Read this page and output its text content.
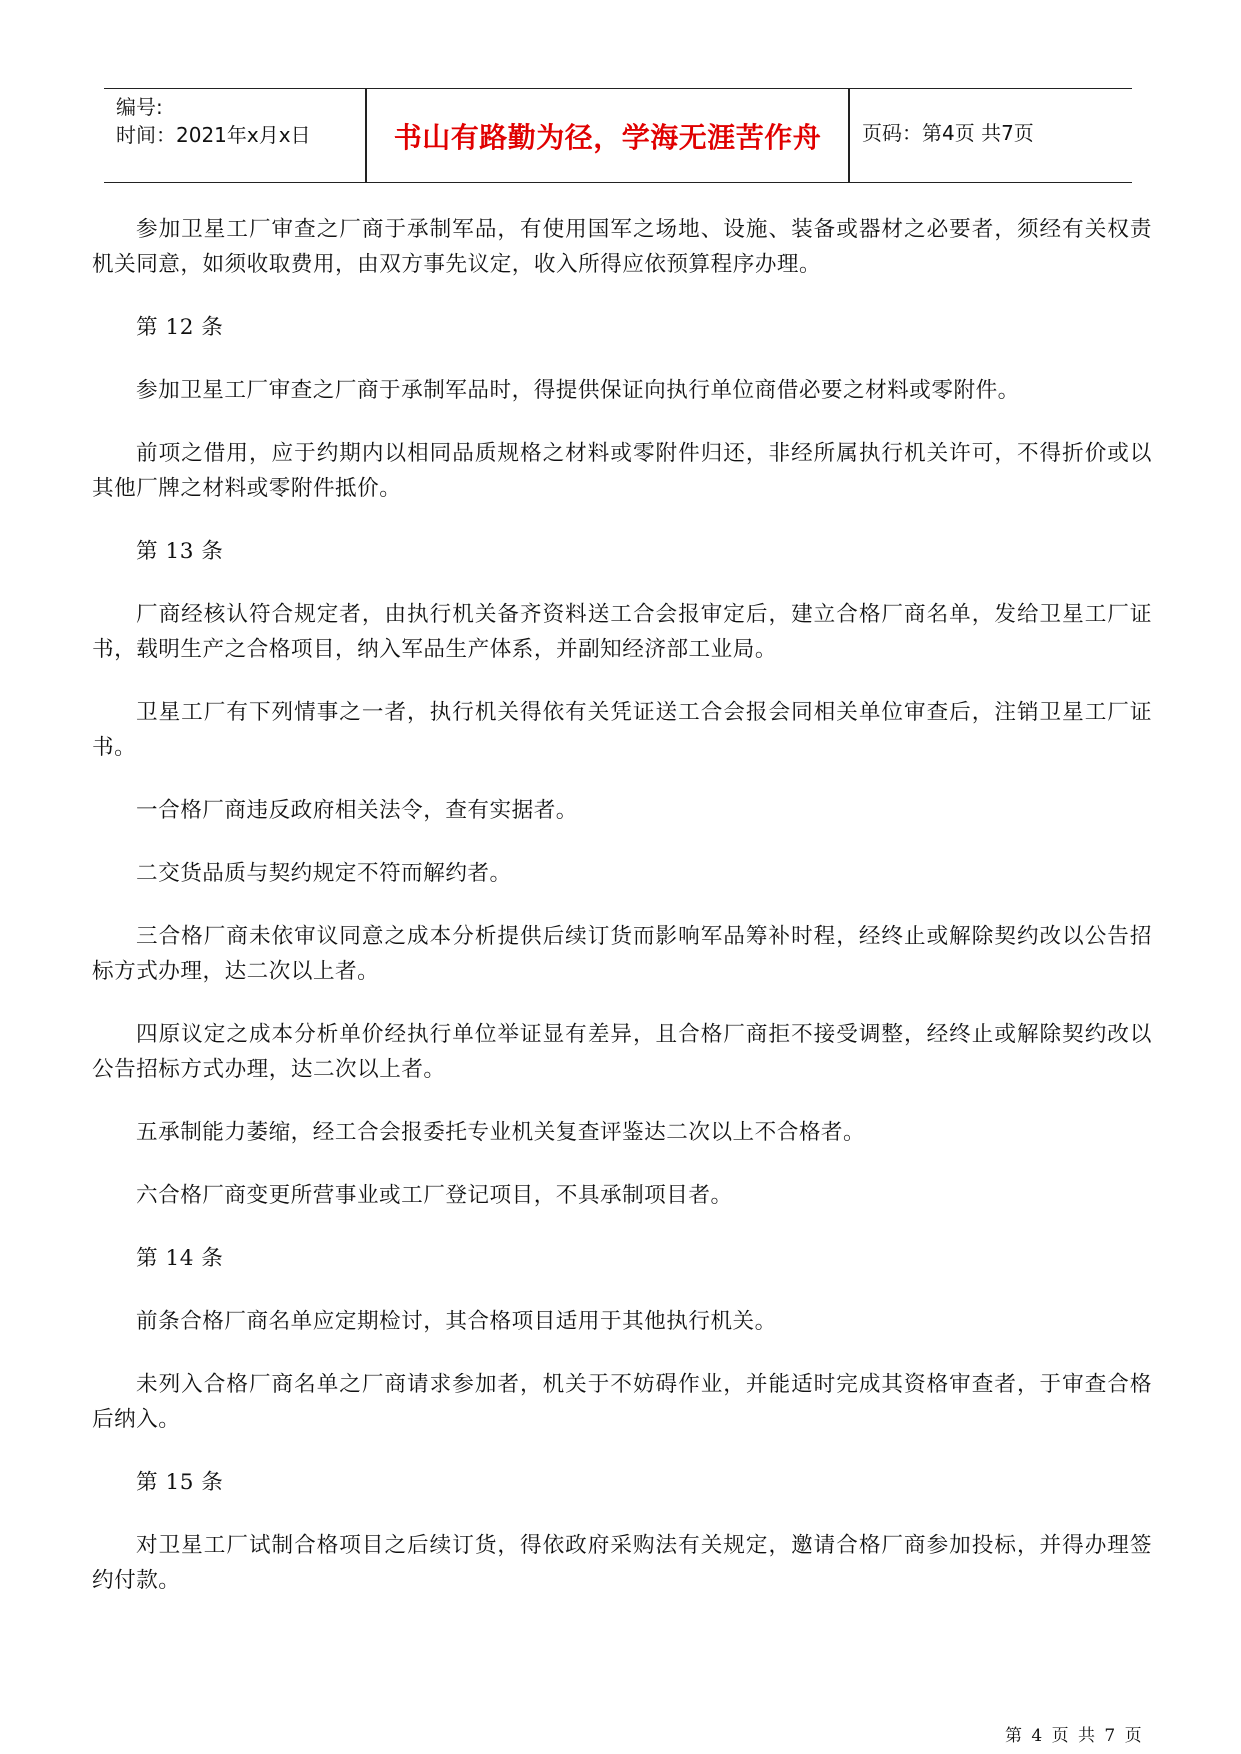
编号:
时间：2021年x月x日	书山有路勤为径，学海无涯苦作舟	页码：第4页 共7页

参加卫星工厂审查之厂商于承制军品，有使用国军之场地、设施、装备或器材之必要者，须经有关权责机关同意，如须收取费用，由双方事先议定，收入所得应依预算程序办理。

第 12 条

参加卫星工厂审查之厂商于承制军品时，得提供保证向执行单位商借必要之材料或零附件。

前项之借用，应于约期内以相同品质规格之材料或零附件归还，非经所属执行机关许可，不得折价或以其他厂牌之材料或零附件抵价。

第 13 条

厂商经核认符合规定者，由执行机关备齐资料送工合会报审定后，建立合格厂商名单，发给卫星工厂证书，载明生产之合格项目，纳入军品生产体系，并副知经济部工业局。

卫星工厂有下列情事之一者，执行机关得依有关凭证送工合会报会同相关单位审查后，注销卫星工厂证书。

一合格厂商违反政府相关法令，查有实据者。

二交货品质与契约规定不符而解约者。

三合格厂商未依审议同意之成本分析提供后续订货而影响军品筹补时程，经终止或解除契约改以公告招标方式办理，达二次以上者。

四原议定之成本分析单价经执行单位举证显有差异，且合格厂商拒不接受调整，经终止或解除契约改以公告招标方式办理，达二次以上者。

五承制能力萎缩，经工合会报委托专业机关复查评鉴达二次以上不合格者。

六合格厂商变更所营事业或工厂登记项目，不具承制项目者。

第 14 条

前条合格厂商名单应定期检讨，其合格项目适用于其他执行机关。

未列入合格厂商名单之厂商请求参加者，机关于不妨碍作业，并能适时完成其资格审查者，于审查合格后纳入。

第 15 条

对卫星工厂试制合格项目之后续订货，得依政府采购法有关规定，邀请合格厂商参加投标，并得办理签约付款。

第 4 页 共 7 页
